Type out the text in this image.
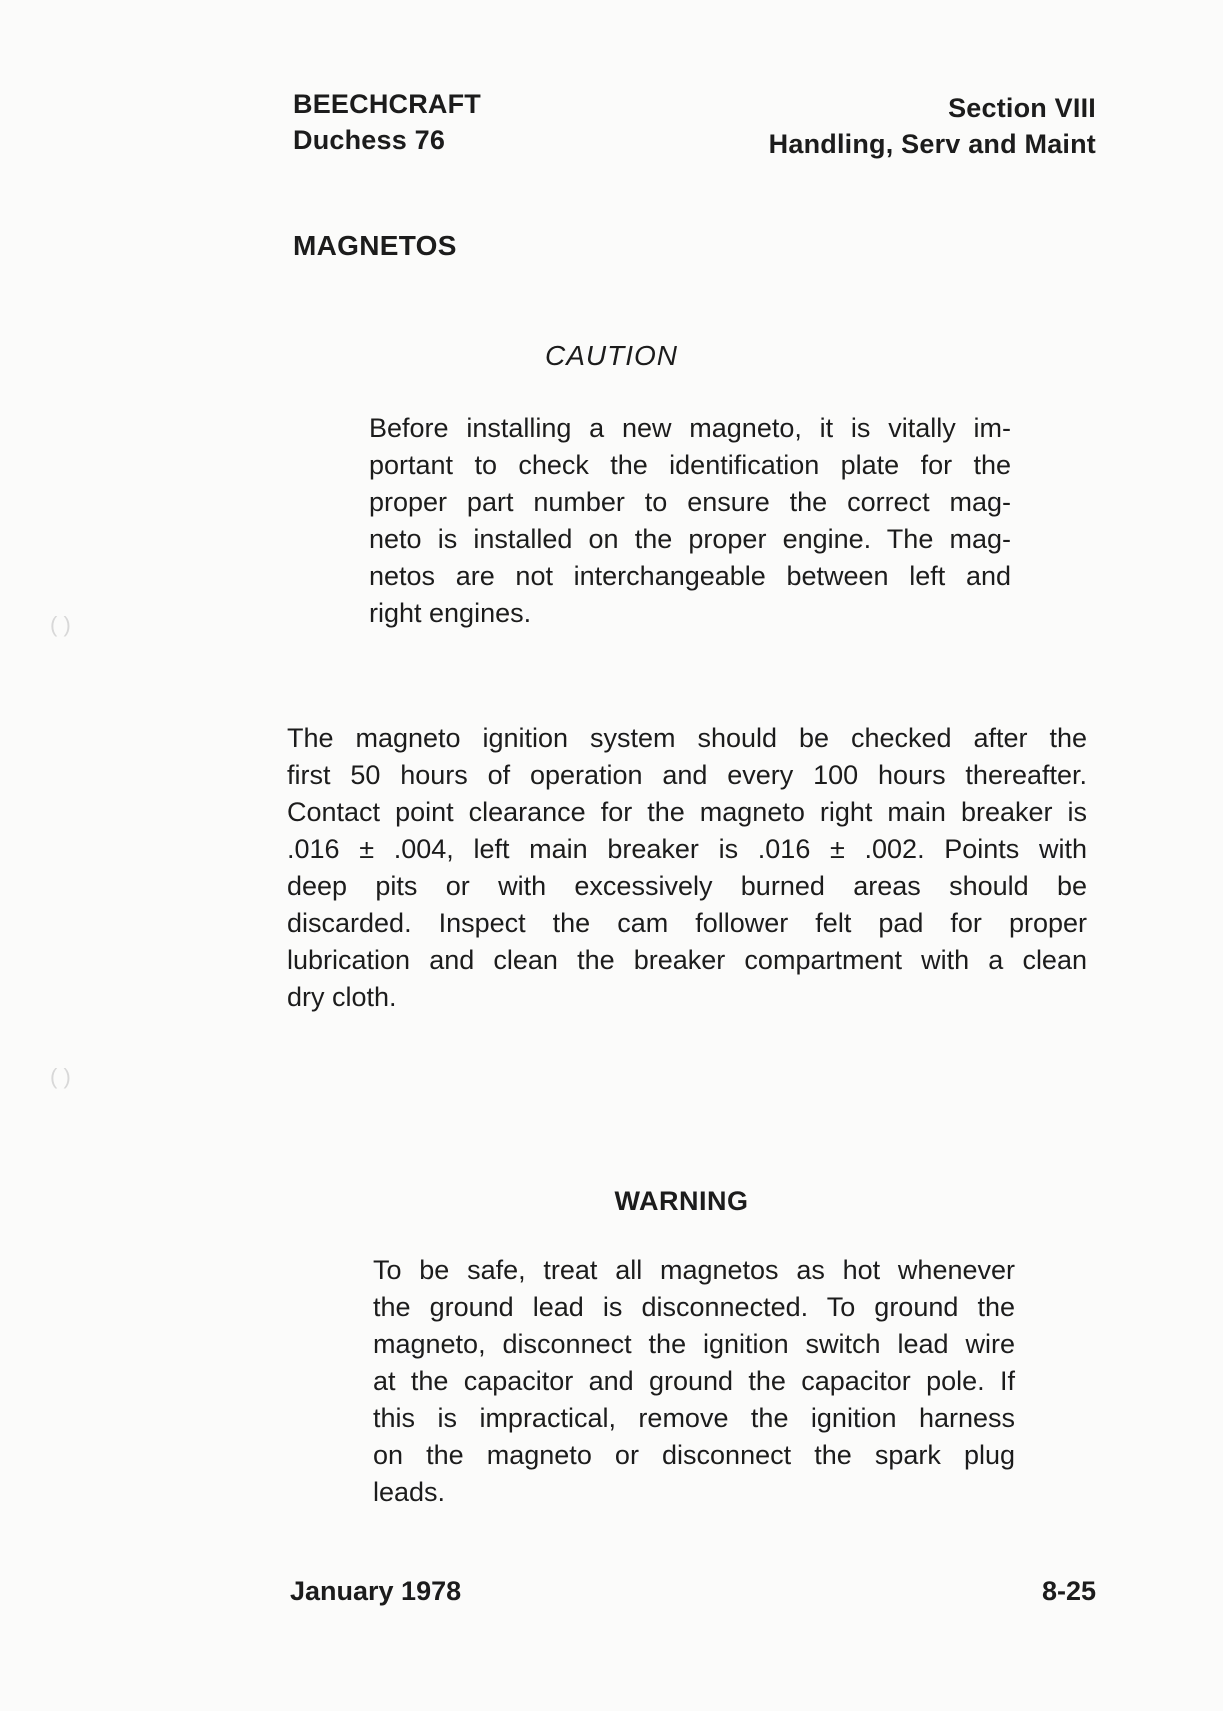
BEECHCRAFT
Duchess 76
Section VIII
Handling, Serv and Maint
MAGNETOS
CAUTION
Before installing a new magneto, it is vitally im-
portant to check the identification plate for the
proper part number to ensure the correct mag-
neto is installed on the proper engine. The mag-
netos are not interchangeable between left and
right engines.
The magneto ignition system should be checked after the
first 50 hours of operation and every 100 hours thereafter.
Contact point clearance for the magneto right main breaker is
.016 ± .004, left main breaker is .016 ± .002. Points with
deep pits or with excessively burned areas should be
discarded. Inspect the cam follower felt pad for proper
lubrication and clean the breaker compartment with a clean
dry cloth.
WARNING
To be safe, treat all magnetos as hot whenever
the ground lead is disconnected. To ground the
magneto, disconnect the ignition switch lead wire
at the capacitor and ground the capacitor pole. If
this is impractical, remove the ignition harness
on the magneto or disconnect the spark plug
leads.
January 1978	8-25
( )
( )
